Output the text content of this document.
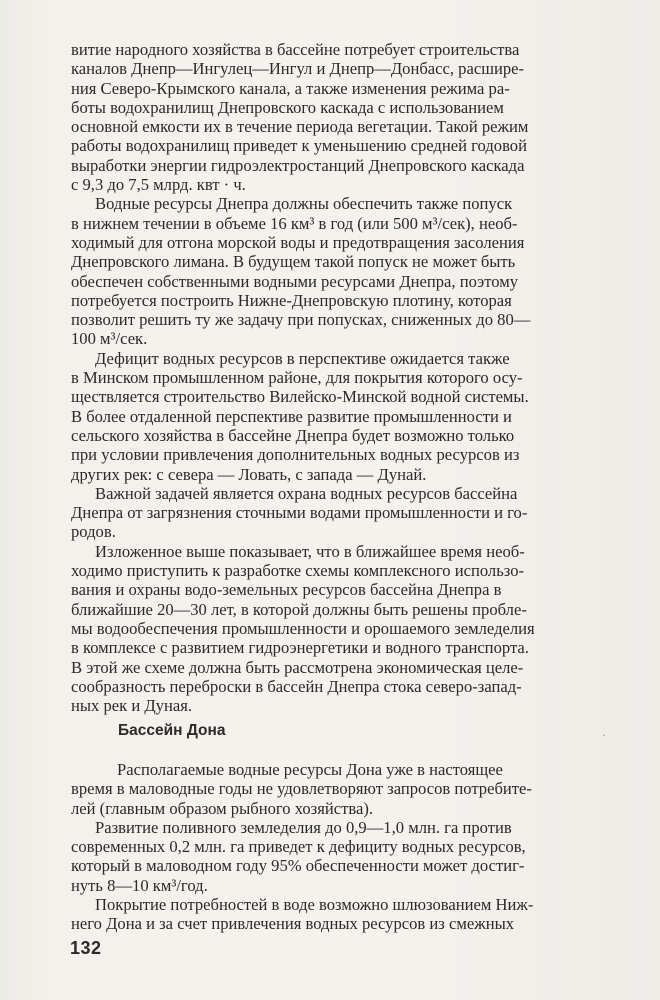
витие народного хозяйства в бассейне потребует строительства
каналов Днепр—Ингулец—Ингул и Днепр—Донбасс, расшире-
ния Северо-Крымского канала, а также изменения режима ра-
боты водохранилищ Днепровского каскада с использованием
основной емкости их в течение периода вегетации. Такой режим
работы водохранилищ приведет к уменьшению средней годовой
выработки энергии гидроэлектростанций Днепровского каскада
с 9,3 до 7,5 млрд. квт · ч.

Водные ресурсы Днепра должны обеспечить также попуск
в нижнем течении в объеме 16 км³ в год (или 500 м³/сек), необ-
ходимый для отгона морской воды и предотвращения засоления
Днепровского лимана. В будущем такой попуск не может быть
обеспечен собственными водными ресурсами Днепра, поэтому
потребуется построить Нижне-Днепровскую плотину, которая
позволит решить ту же задачу при попусках, сниженных до 80—
100 м³/сек.

Дефицит водных ресурсов в перспективе ожидается также
в Минском промышленном районе, для покрытия которого осу-
ществляется строительство Вилейско-Минской водной системы.
В более отдаленной перспективе развитие промышленности и
сельского хозяйства в бассейне Днепра будет возможно только
при условии привлечения дополнительных водных ресурсов из
других рек: с севера — Ловать, с запада — Дунай.

Важной задачей является охрана водных ресурсов бассейна
Днепра от загрязнения сточными водами промышленности и го-
родов.

Изложенное выше показывает, что в ближайшее время необ-
ходимо приступить к разработке схемы комплексного использо-
вания и охраны водо-земельных ресурсов бассейна Днепра в
ближайшие 20—30 лет, в которой должны быть решены пробле-
мы водообеспечения промышленности и орошаемого земледелия
в комплексе с развитием гидроэнергетики и водного транспорта.
В этой же схеме должна быть рассмотрена экономическая целе-
сообразность переброски в бассейн Днепра стока северо-запад-
ных рек и Дуная.

Бассейн Дона	·

Располагаемые водные ресурсы Дона уже в настоящее
время в маловодные годы не удовлетворяют запросов потребите-
лей (главным образом рыбного хозяйства).

Развитие поливного земледелия до 0,9—1,0 млн. га против
современных 0,2 млн. га приведет к дефициту водных ресурсов,
который в маловодном году 95% обеспеченности может достиг-
нуть 8—10 км³/год.

Покрытие потребностей в воде возможно шлюзованием Ниж-
него Дона и за счет привлечения водных ресурсов из смежных

132
